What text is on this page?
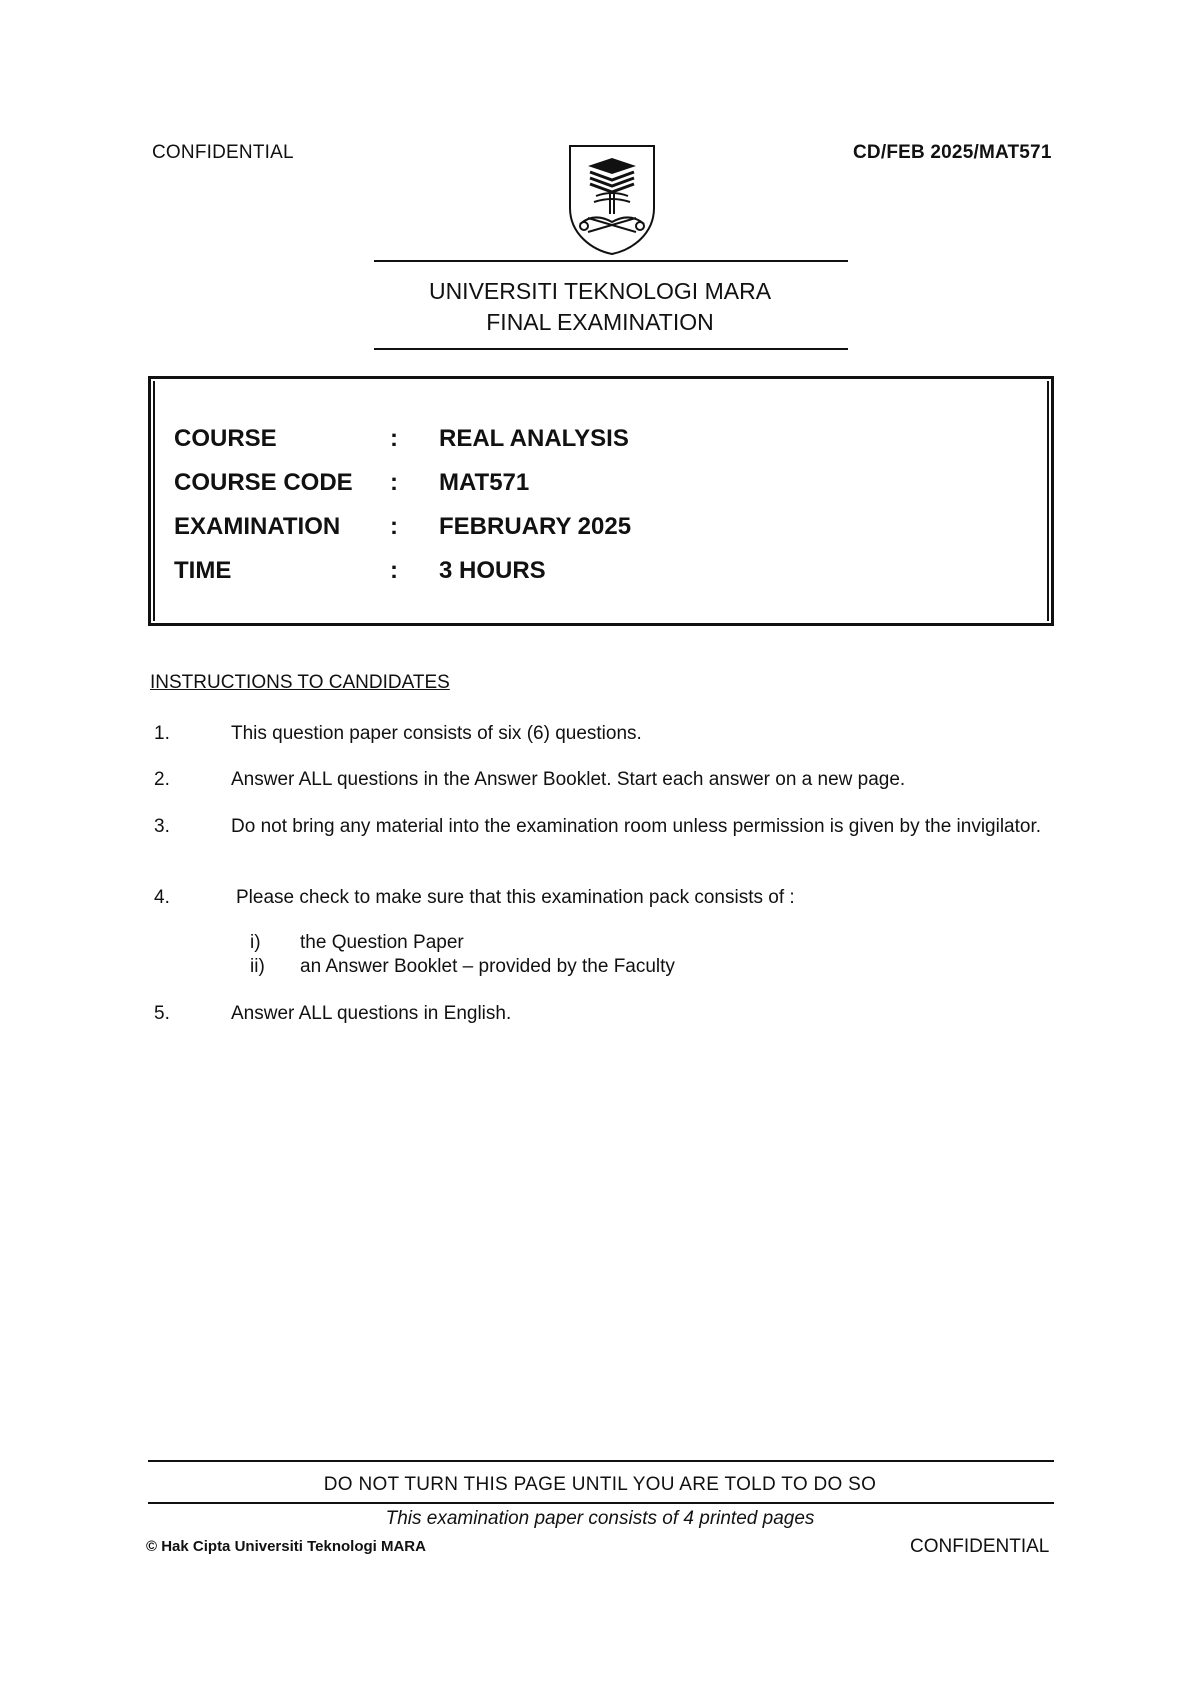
CONFIDENTIAL	CD/FEB 2025/MAT571
UNIVERSITI TEKNOLOGI MARA
FINAL EXAMINATION
COURSE	: REAL ANALYSIS
COURSE CODE : MAT571
EXAMINATION : FEBRUARY 2025
TIME	: 3 HOURS
INSTRUCTIONS TO CANDIDATES
1.	This question paper consists of six (6) questions.
2.	Answer ALL questions in the Answer Booklet. Start each answer on a new page.
3.	Do not bring any material into the examination room unless permission is given by the invigilator.
4.	Please check to make sure that this examination pack consists of :
i) the Question Paper
ii) an Answer Booklet – provided by the Faculty
5.	Answer ALL questions in English.
DO NOT TURN THIS PAGE UNTIL YOU ARE TOLD TO DO SO
This examination paper consists of 4 printed pages
© Hak Cipta Universiti Teknologi MARA	CONFIDENTIAL
